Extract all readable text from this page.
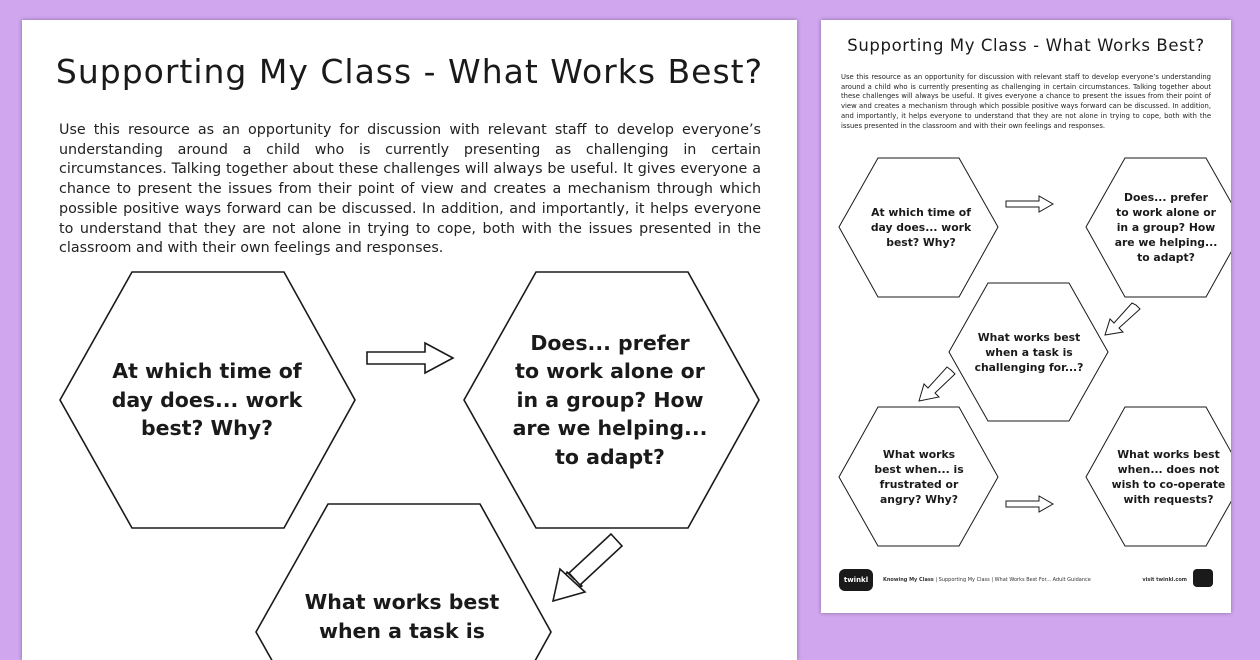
Supporting My Class - What Works Best?

Use this resource as an opportunity for discussion with relevant staff to develop everyone’s understanding around a child who is currently presenting as challenging in certain circumstances. Talking together about these challenges will always be useful. It gives everyone a chance to present the issues from their point of view and creates a mechanism through which possible positive ways forward can be discussed. In addition, and importantly, it helps everyone to understand that they are not alone in trying to cope, both with the issues presented in the classroom and with their own feelings and responses.

At which time of
day does... work
best? Why?
Does... prefer
to work alone or
in a group? How
are we helping...
to adapt?
What works best
when a task is
Supporting My Class - What Works Best?

Use this resource as an opportunity for discussion with relevant staff to develop everyone’s understanding around a child who is currently presenting as challenging in certain circumstances. Talking together about these challenges will always be useful. It gives everyone a chance to present the issues from their point of view and creates a mechanism through which possible positive ways forward can be discussed. In addition, and importantly, it helps everyone to understand that they are not alone in trying to cope, both with the issues presented in the classroom and with their own feelings and responses.

At which time of
day does... work
best? Why?
Does... prefer
to work alone or
in a group? How
are we helping...
to adapt?
What works best
when a task is
challenging for...?
What works
best when... is
frustrated or
angry? Why?
What works best
when... does not
wish to co-operate
with requests?
twinkl	Knowing My Class | Supporting My Class | What Works Best For... Adult Guidance	visit twinkl.com
